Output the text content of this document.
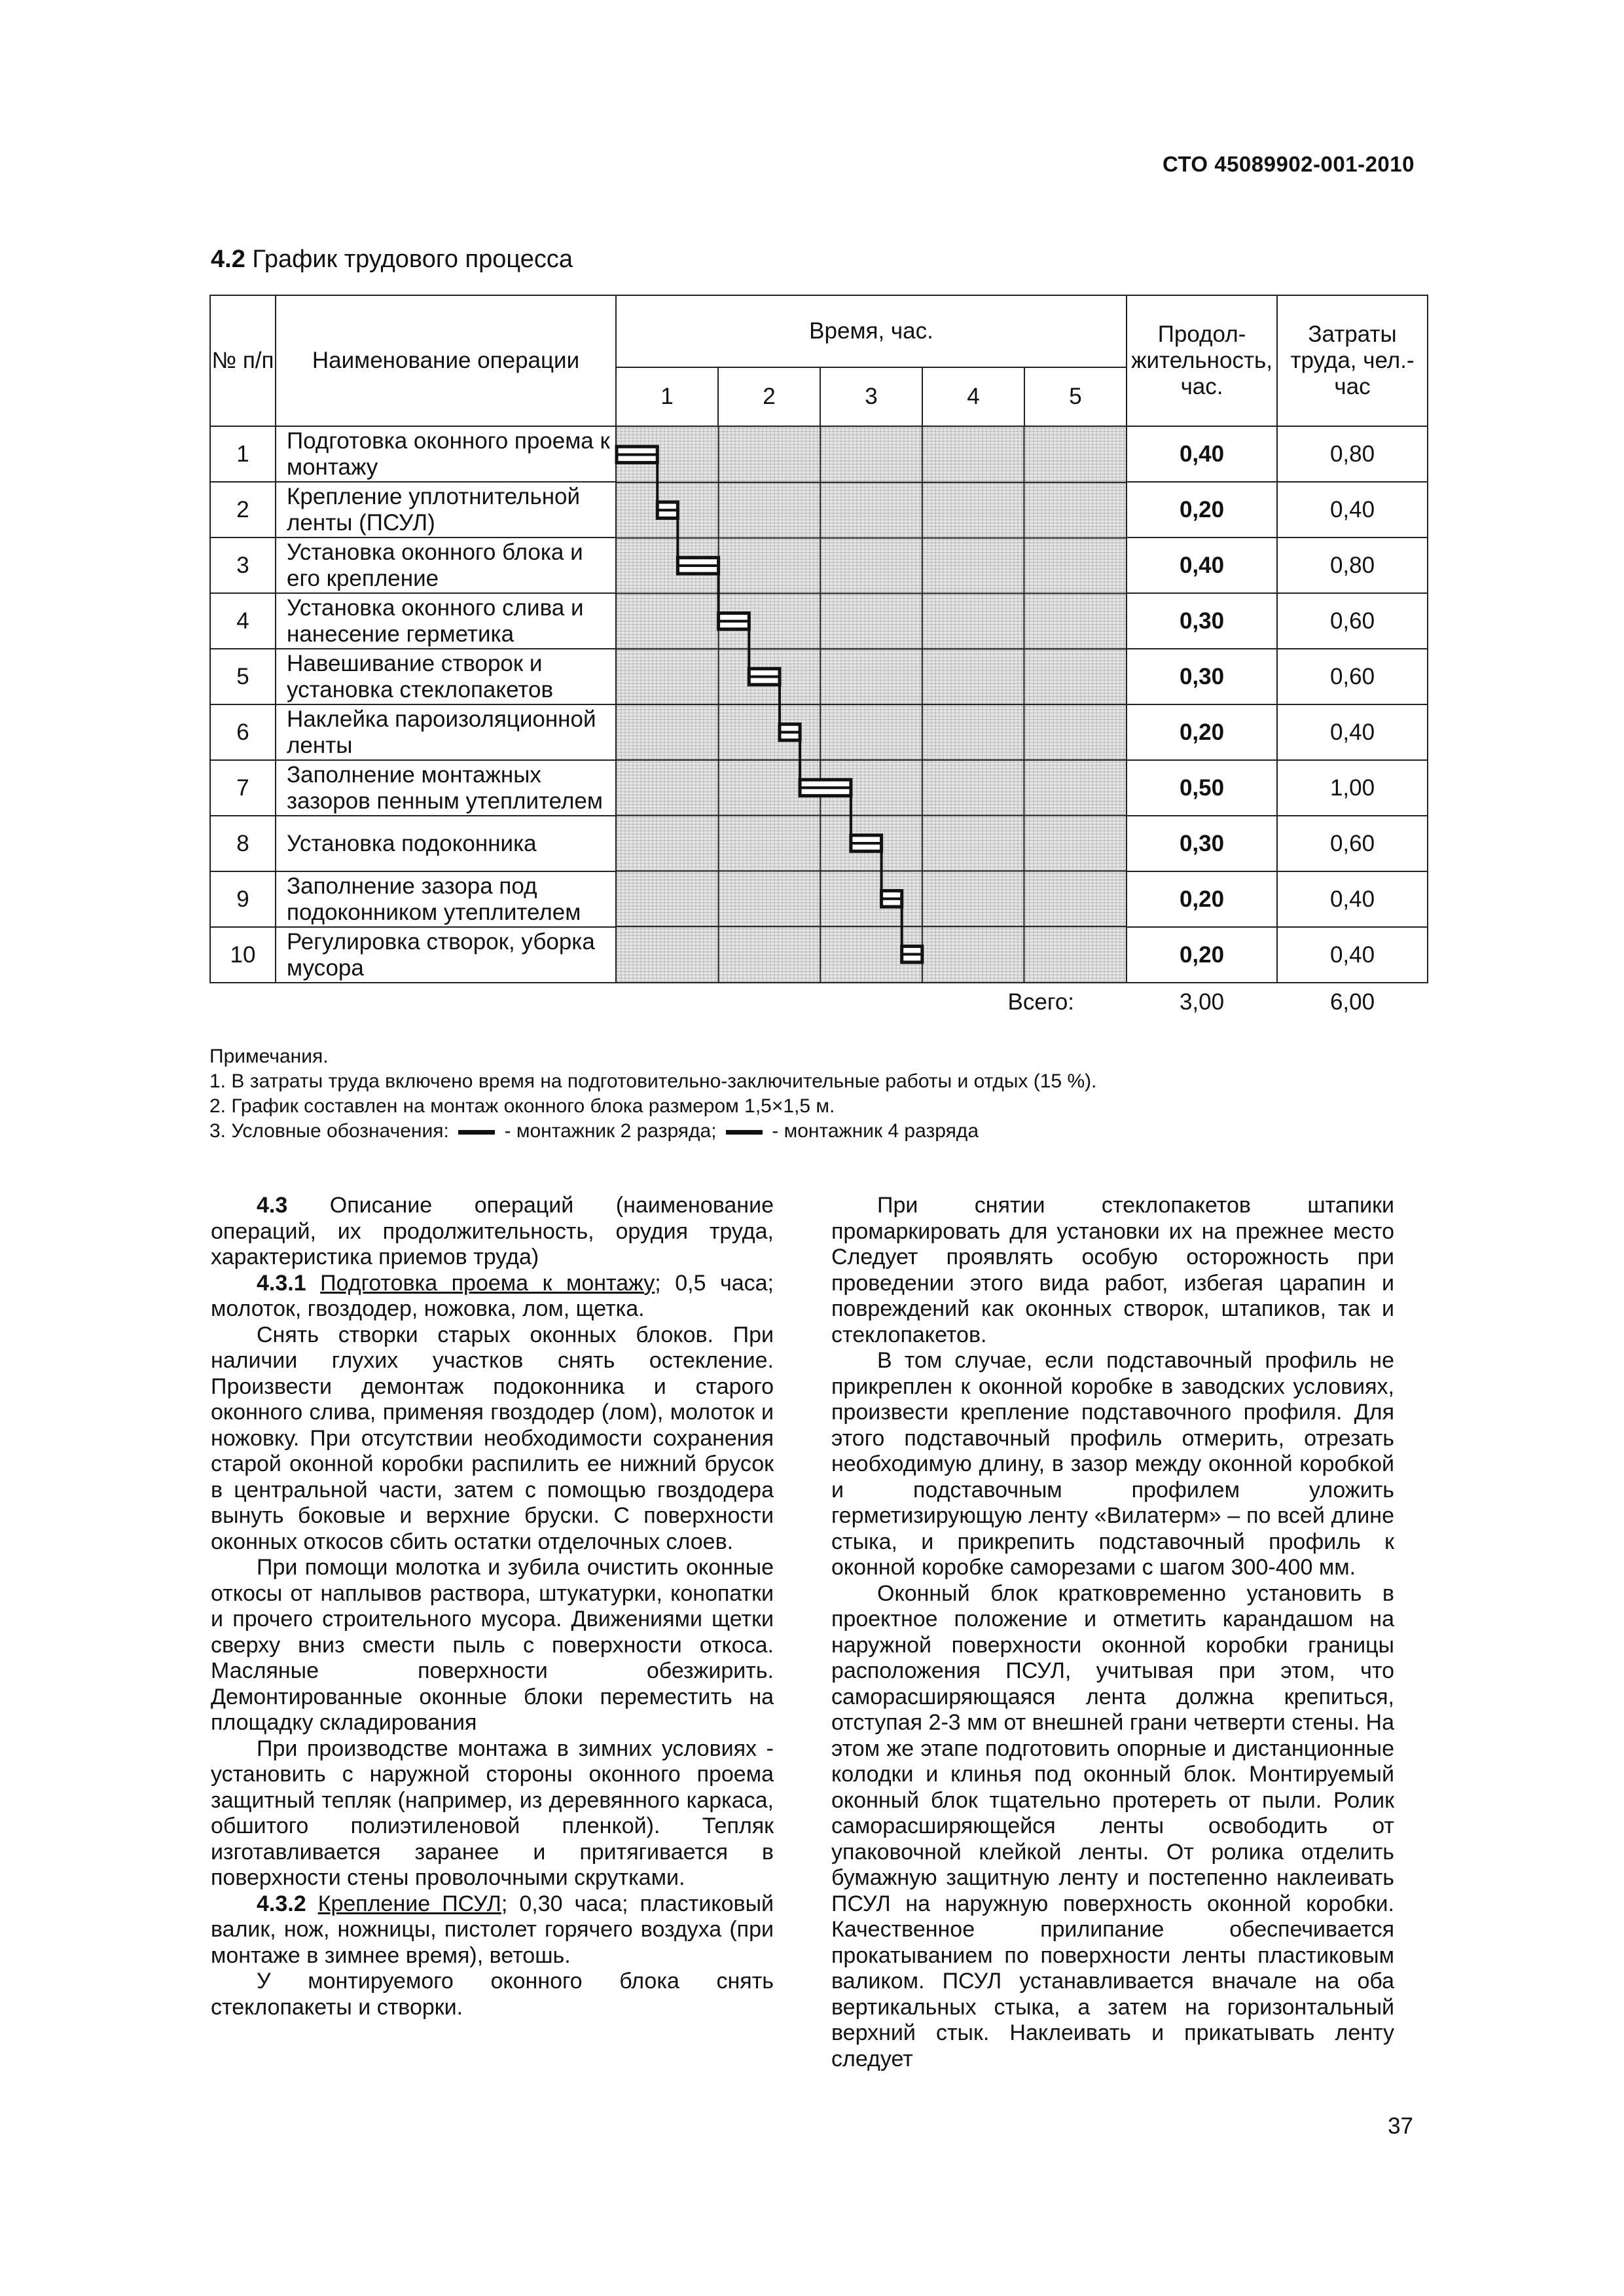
СТО 45089902-001-2010
4.2 График трудового процесса
№ п/п	Наименование операции	Время, час.					Продол-жительность, час.	Затраты труда, чел.-час
		1	2	3	4	5		
1	Подготовка оконного проема к монтажу						0,40	0,80
2	Крепление уплотнительной ленты (ПСУЛ)						0,20	0,40
3	Установка оконного блока и его крепление						0,40	0,80
4	Установка оконного слива и нанесение герметика						0,30	0,60
5	Навешивание створок и установка стеклопакетов						0,30	0,60
6	Наклейка пароизоляционной ленты						0,20	0,40
7	Заполнение монтажных зазоров пенным утеплителем						0,50	1,00
8	Установка подоконника						0,30	0,60
9	Заполнение зазора под подоконником утеплителем						0,20	0,40
10	Регулировка створок, уборка мусора						0,20	0,40
		Всего:					3,00	6,00
Примечания.
1. В затраты труда включено время на подготовительно-заключительные работы и отдых (15 %).
2. График составлен на монтаж оконного блока размером 1,5×1,5 м.
3. Условные обозначения:	- монтажник 2 разряда;	- монтажник 4 разряда

4.3 Описание операций (наименование операций, их продолжительность, орудия труда, характеристика приемов труда)

4.3.1 Подготовка проема к монтажу; 0,5 часа; молоток, гвоздодер, ножовка, лом, щетка.

Снять створки старых оконных блоков. При наличии глухих участков снять остекление. Произвести демонтаж подоконника и старого оконного слива, применяя гвоздодер (лом), молоток и ножовку. При отсутствии необходимости сохранения старой оконной коробки распилить ее нижний брусок в центральной части, затем с помощью гвоздодера вынуть боковые и верхние бруски. С поверхности оконных откосов сбить остатки отделочных слоев.

При помощи молотка и зубила очистить оконные откосы от наплывов раствора, штукатурки, конопатки и прочего строительного мусора. Движениями щетки сверху вниз смести пыль с поверхности откоса. Масляные поверхности обезжирить. Демонтированные оконные блоки переместить на площадку складирования

При производстве монтажа в зимних условиях - установить с наружной стороны оконного проема защитный тепляк (например, из деревянного каркаса, обшитого полиэтиленовой пленкой). Тепляк изготавливается заранее и притягивается в поверхности стены проволочными скрутками.

4.3.2 Крепление ПСУЛ; 0,30 часа; пластиковый валик, нож, ножницы, пистолет горячего воздуха (при монтаже в зимнее время), ветошь.

У монтируемого оконного блока снять стеклопакеты и створки.

При снятии стеклопакетов штапики промаркировать для установки их на прежнее место Следует проявлять особую осторожность при проведении этого вида работ, избегая царапин и повреждений как оконных створок, штапиков, так и стеклопакетов.

В том случае, если подставочный профиль не прикреплен к оконной коробке в заводских условиях, произвести крепление подставочного профиля. Для этого подставочный профиль отмерить, отрезать необходимую длину, в зазор между оконной коробкой и подставочным профилем уложить герметизирующую ленту «Вилатерм» – по всей длине стыка, и прикрепить подставочный профиль к оконной коробке саморезами с шагом 300-400 мм.

Оконный блок кратковременно установить в проектное положение и отметить карандашом на наружной поверхности оконной коробки границы расположения ПСУЛ, учитывая при этом, что саморасширяющаяся лента должна крепиться, отступая 2-3 мм от внешней грани четверти стены. На этом же этапе подготовить опорные и дистанционные колодки и клинья под оконный блок. Монтируемый оконный блок тщательно протереть от пыли. Ролик саморасширяющейся ленты освободить от упаковочной клейкой ленты. От ролика отделить бумажную защитную ленту и постепенно наклеивать ПСУЛ на наружную поверхность оконной коробки. Качественное прилипание обеспечивается прокатыванием по поверхности ленты пластиковым валиком. ПСУЛ устанавливается вначале на оба вертикальных стыка, а затем на горизонтальный верхний стык. Наклеивать и прикатывать ленту следует

37
